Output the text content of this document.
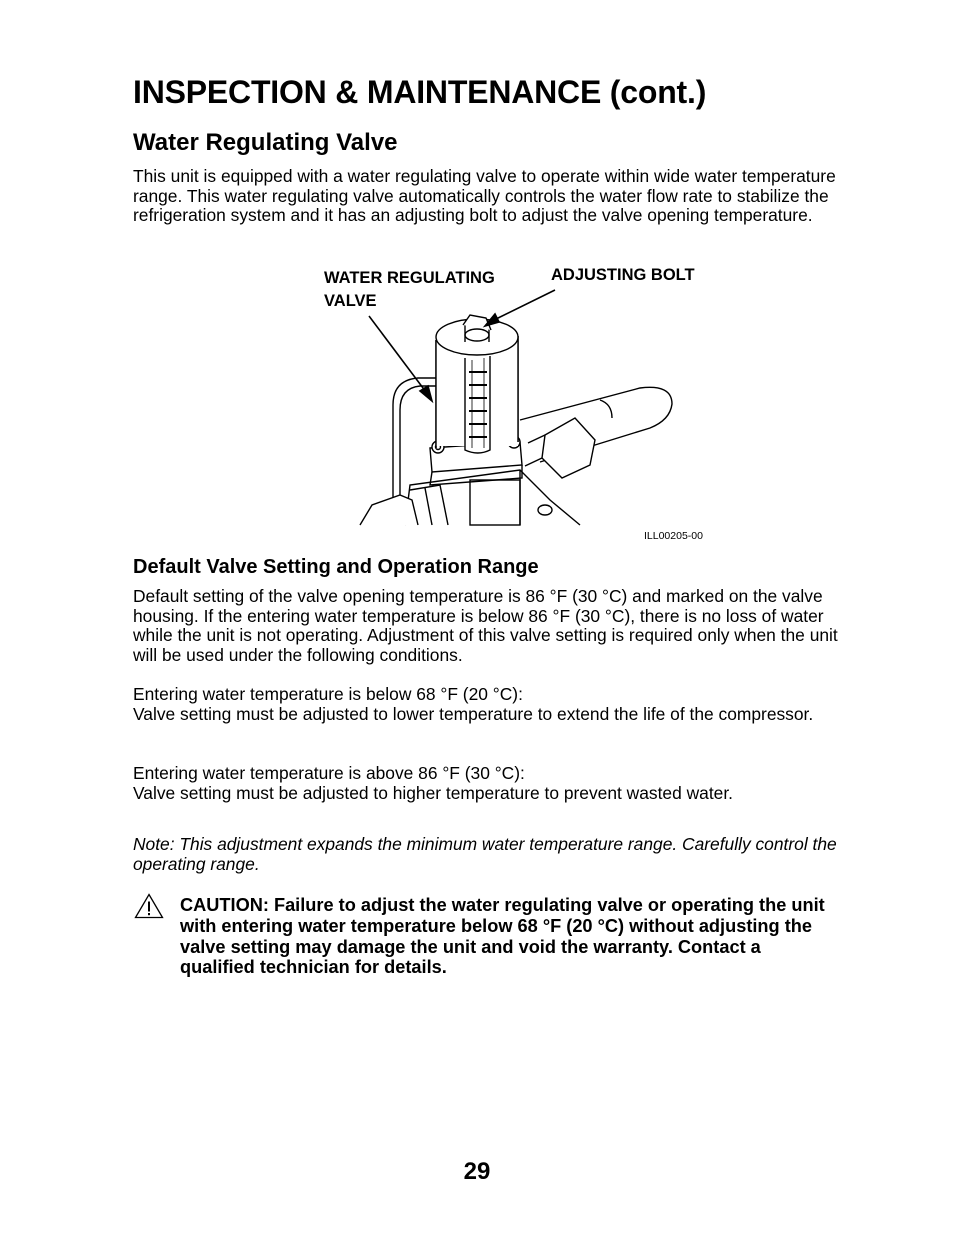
INSPECTION & MAINTENANCE (cont.)
Water Regulating Valve
This unit is equipped with a water regulating valve to operate within wide water temperature range. This water regulating valve automatically controls the water flow rate to stabilize the refrigeration system and it has an adjusting bolt to adjust the valve opening temperature.
WATER REGULATING
VALVE
ADJUSTING BOLT
ILL00205-00
Default Valve Setting and Operation Range
Default setting of the valve opening temperature is 86 °F (30 °C) and marked on the valve housing. If the entering water temperature is below 86 °F (30 °C), there is no loss of water while the unit is not operating. Adjustment of this valve setting is required only when the unit will be used under the following conditions.
Entering water temperature is below 68 °F (20 °C):
Valve setting must be adjusted to lower temperature to extend the life of the compressor.
Entering water temperature is above 86 °F (30 °C):
Valve setting must be adjusted to higher temperature to prevent wasted water.
Note: This adjustment expands the minimum water temperature range. Carefully control the operating range.
CAUTION: Failure to adjust the water regulating valve or operating the unit with entering water temperature below 68 °F (20 °C) without adjusting the valve setting may damage the unit and void the warranty. Contact a qualified technician for details.
29
